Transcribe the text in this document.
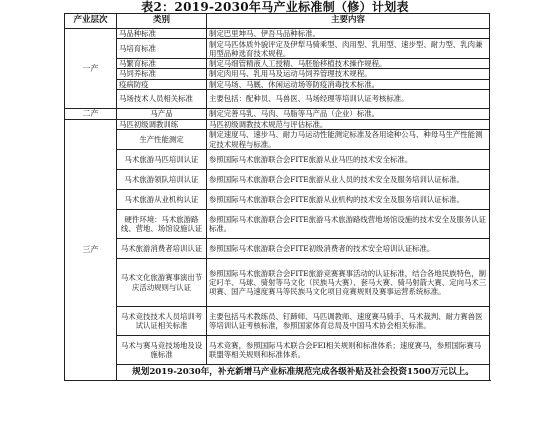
表2：2019-2030年马产业标准制（修）计划表
产业层次	类别	主要内容
一产	马品种标准	制定巴里坤马、伊吾马品种标准。
	马培育标准	制定马匹体质外貌评定及伊犁马骑乘型、肉用型、乳用型、速步型、耐力型、乳肉兼用型品种选育技术规程。
	马繁育标准	制定马细管精液人工授精、马胚胎移植技术操作规程。
	马饲养标准	制定肉用马、乳用马及运动马饲养管理技术规程。
	疫病防疫	制定马场、马厩、休闲运动场等防疫消毒技术标准。
	马场技术人员相关标准	主要包括：配种员、马兽医、马场经理等培训认证考核标准。
二产	马产品	制定完善马乳、马肉、马脂等马产品（企业）标准。
三产	马匹初级调教训练	马匹初级调教技术规范与评估标准。
	生产性能测定	制定速度马、速步马、耐力马运动性能测定标准及各用途种公马、种母马生产性能测定技术规程与标准。
	马术旅游马匹培训认证	参照国际马术旅游联合会FITE旅游从业马匹的技术安全标准。
	马术旅游领队培训认证	参照国际马术旅游联合会FITE旅游从业人员的技术安全及服务培训认证标准。
	马术旅游从业机构认证	参照国际马术旅游联合会FITE旅游从业机构的技术安全及服务培训认证标准。
	硬件环境：马术旅游路线、营地、场馆设施认证	参照国际马术旅游联合会FITE旅游马术旅游路线营地场馆设施的技术安全及服务认证标准。
	马术旅游消费者培训认证	参照国际马术旅游联合会FITE初级消费者的技术安全培训认证标准。
	马术文化旅游赛事演出节庆活动规则与认证	参照国际马术旅游联合会FITE旅游竞赛赛事活动的认证标准，结合各地民族特色，制定叼羊、马球、骑射等马文化（民族马大赛）、套马大赛、骑马射箭大赛、定向马术三项赛、国产马速度赛马等民族马文化项目竞赛规则及赛事运营系统标准。
	马术竞技技术人员培训考试认证相关标准	主要包括马术教练员、钉蹄师、马匹调教师、速度赛马骑手、马术裁判、耐力赛兽医等培训认证考核标准，参照国家体育总局及中国马术协会相关标准。
	马术与赛马竞技场地及设施标准	马术竞赛，参照国际马术联合会FEI相关规则和标准体系；速度赛马，参照国际赛马联盟等相关规则和标准体系。
	规划2019-2030年，补充新增马产业标准规范完成各级补贴及社会投资1500万元以上。	
